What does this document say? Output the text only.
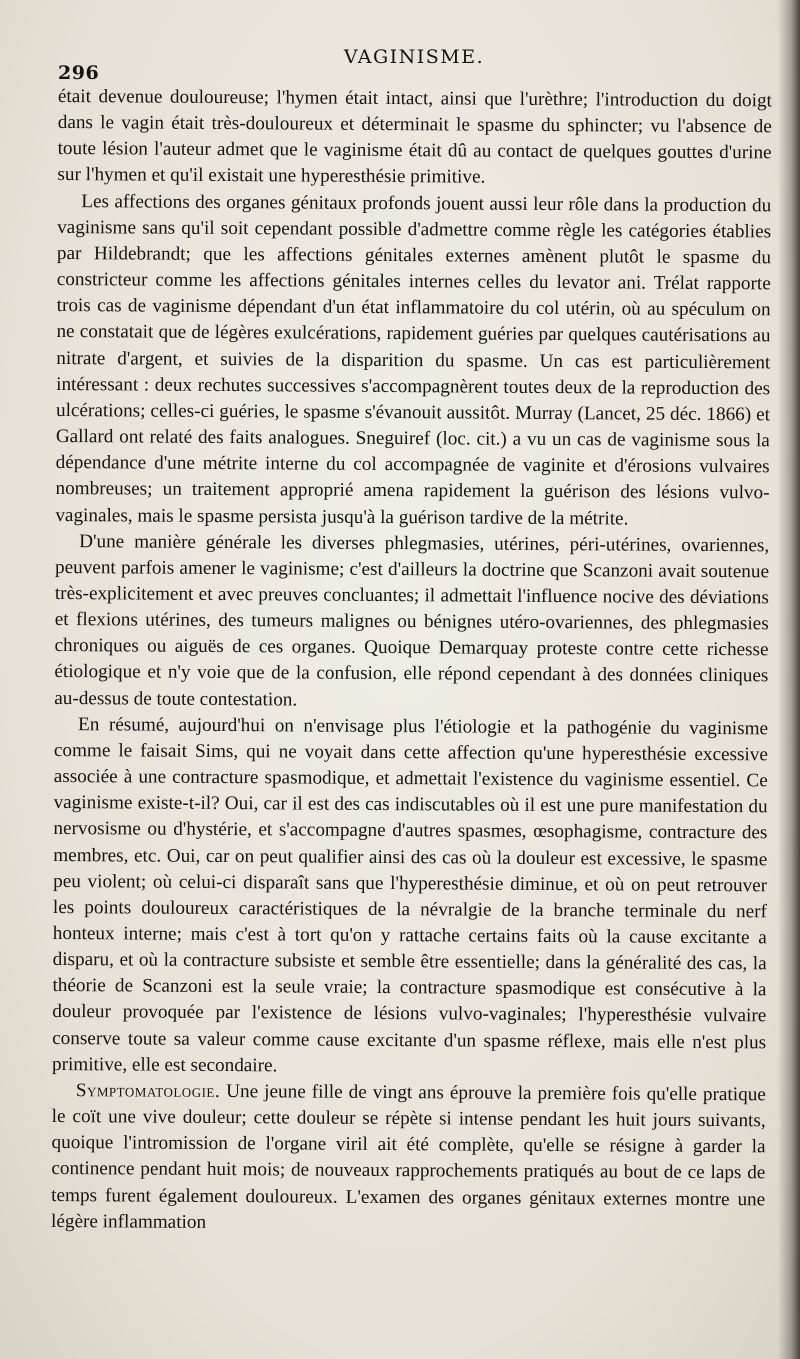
296
VAGINISME.

était devenue douloureuse; l'hymen était intact, ainsi que l'urèthre; l'introduction du doigt dans le vagin était très-douloureux et déterminait le spasme du sphincter; vu l'absence de toute lésion l'auteur admet que le vaginisme était dû au contact de quelques gouttes d'urine sur l'hymen et qu'il existait une hyperesthésie primitive.

Les affections des organes génitaux profonds jouent aussi leur rôle dans la production du vaginisme sans qu'il soit cependant possible d'admettre comme règle les catégories établies par Hildebrandt; que les affections génitales externes amènent plutôt le spasme du constricteur comme les affections génitales internes celles du levator ani. Trélat rapporte trois cas de vaginisme dépendant d'un état inflammatoire du col utérin, où au spéculum on ne constatait que de légères exulcérations, rapidement guéries par quelques cautérisations au nitrate d'argent, et suivies de la disparition du spasme. Un cas est particulièrement intéressant : deux rechutes successives s'accompagnèrent toutes deux de la reproduction des ulcérations; celles-ci guéries, le spasme s'évanouit aussitôt. Murray (Lancet, 25 déc. 1866) et Gallard ont relaté des faits analogues. Sneguiref (loc. cit.) a vu un cas de vaginisme sous la dépendance d'une métrite interne du col accompagnée de vaginite et d'érosions vulvaires nombreuses; un traitement approprié amena rapidement la guérison des lésions vulvo-vaginales, mais le spasme persista jusqu'à la guérison tardive de la métrite.

D'une manière générale les diverses phlegmasies, utérines, péri-utérines, ovariennes, peuvent parfois amener le vaginisme; c'est d'ailleurs la doctrine que Scanzoni avait soutenue très-explicitement et avec preuves concluantes; il admettait l'influence nocive des déviations et flexions utérines, des tumeurs malignes ou bénignes utéro-ovariennes, des phlegmasies chroniques ou aiguës de ces organes. Quoique Demarquay proteste contre cette richesse étiologique et n'y voie que de la confusion, elle répond cependant à des données cliniques au-dessus de toute contestation.

En résumé, aujourd'hui on n'envisage plus l'étiologie et la pathogénie du vaginisme comme le faisait Sims, qui ne voyait dans cette affection qu'une hyperesthésie excessive associée à une contracture spasmodique, et admettait l'existence du vaginisme essentiel. Ce vaginisme existe-t-il? Oui, car il est des cas indiscutables où il est une pure manifestation du nervosisme ou d'hystérie, et s'accompagne d'autres spasmes, œsophagisme, contracture des membres, etc. Oui, car on peut qualifier ainsi des cas où la douleur est excessive, le spasme peu violent; où celui-ci disparaît sans que l'hyperesthésie diminue, et où on peut retrouver les points douloureux caractéristiques de la névralgie de la branche terminale du nerf honteux interne; mais c'est à tort qu'on y rattache certains faits où la cause excitante a disparu, et où la contracture subsiste et semble être essentielle; dans la généralité des cas, la théorie de Scanzoni est la seule vraie; la contracture spasmodique est consécutive à la douleur provoquée par l'existence de lésions vulvo-vaginales; l'hyperesthésie vulvaire conserve toute sa valeur comme cause excitante d'un spasme réflexe, mais elle n'est plus primitive, elle est secondaire.

Symptomatologie. Une jeune fille de vingt ans éprouve la première fois qu'elle pratique le coït une vive douleur; cette douleur se répète si intense pendant les huit jours suivants, quoique l'intromission de l'organe viril ait été complète, qu'elle se résigne à garder la continence pendant huit mois; de nouveaux rapprochements pratiqués au bout de ce laps de temps furent également douloureux. L'examen des organes génitaux externes montre une légère inflammation
